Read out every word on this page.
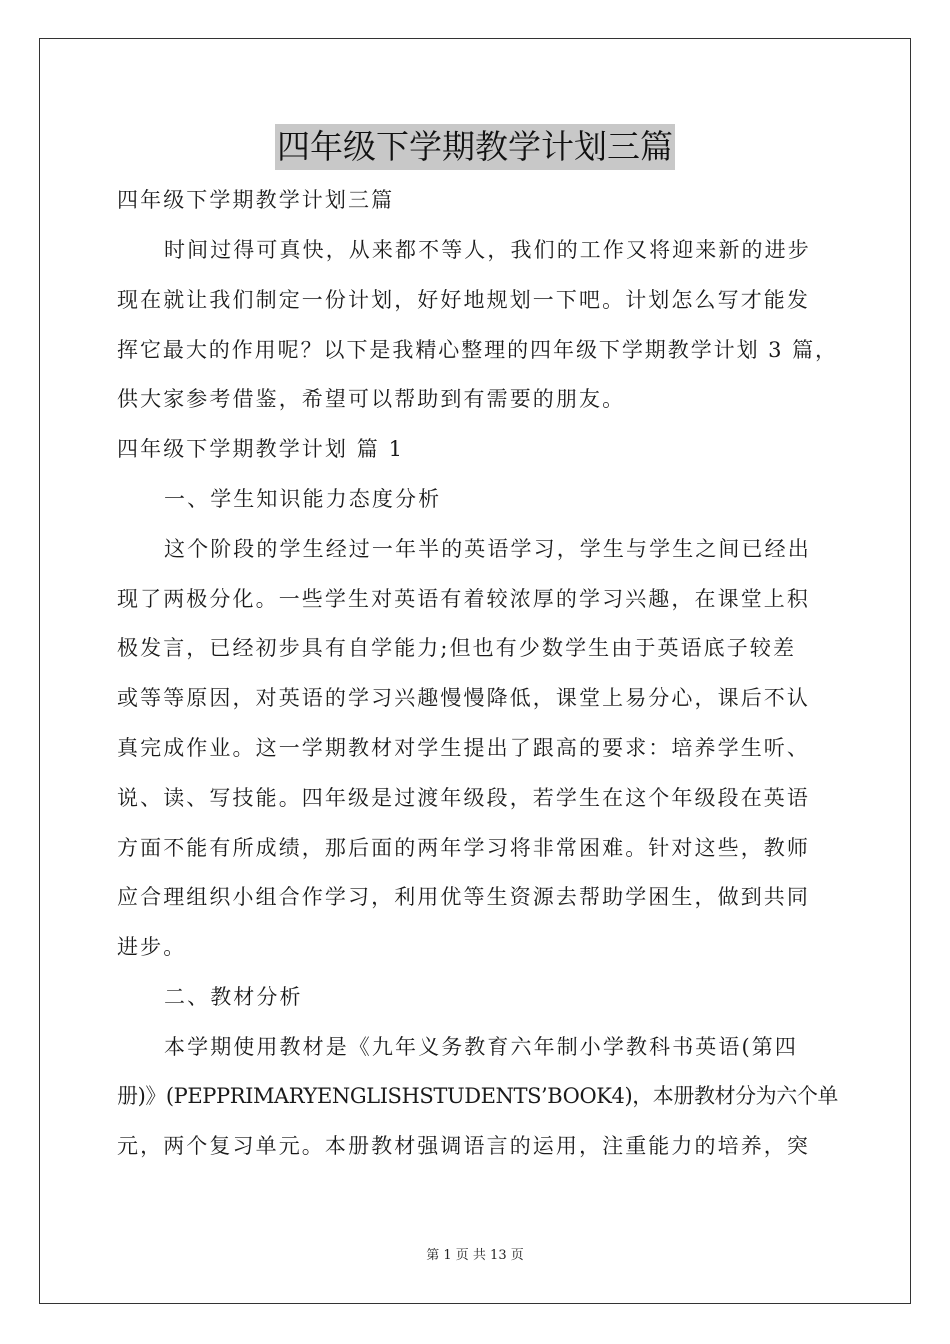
四年级下学期教学计划三篇
四年级下学期教学计划三篇
时间过得可真快，从来都不等人，我们的工作又将迎来新的进步
现在就让我们制定一份计划，好好地规划一下吧。计划怎么写才能发
挥它最大的作用呢？以下是我精心整理的四年级下学期教学计划 3 篇，
供大家参考借鉴，希望可以帮助到有需要的朋友。
四年级下学期教学计划 篇 1
一、学生知识能力态度分析
这个阶段的学生经过一年半的英语学习，学生与学生之间已经出
现了两极分化。一些学生对英语有着较浓厚的学习兴趣，在课堂上积
极发言，已经初步具有自学能力;但也有少数学生由于英语底子较差
或等等原因，对英语的学习兴趣慢慢降低，课堂上易分心，课后不认
真完成作业。这一学期教材对学生提出了跟高的要求：培养学生听、
说、读、写技能。四年级是过渡年级段，若学生在这个年级段在英语
方面不能有所成绩，那后面的两年学习将非常困难。针对这些，教师
应合理组织小组合作学习，利用优等生资源去帮助学困生，做到共同
进步。
二、教材分析
本学期使用教材是《九年义务教育六年制小学教科书英语(第四
册)》(PEPPRIMARYENGLISHSTUDENTS’BOOK4)，本册教材分为六个单
元，两个复习单元。本册教材强调语言的运用，注重能力的培养，突
第 1 页 共 13 页
